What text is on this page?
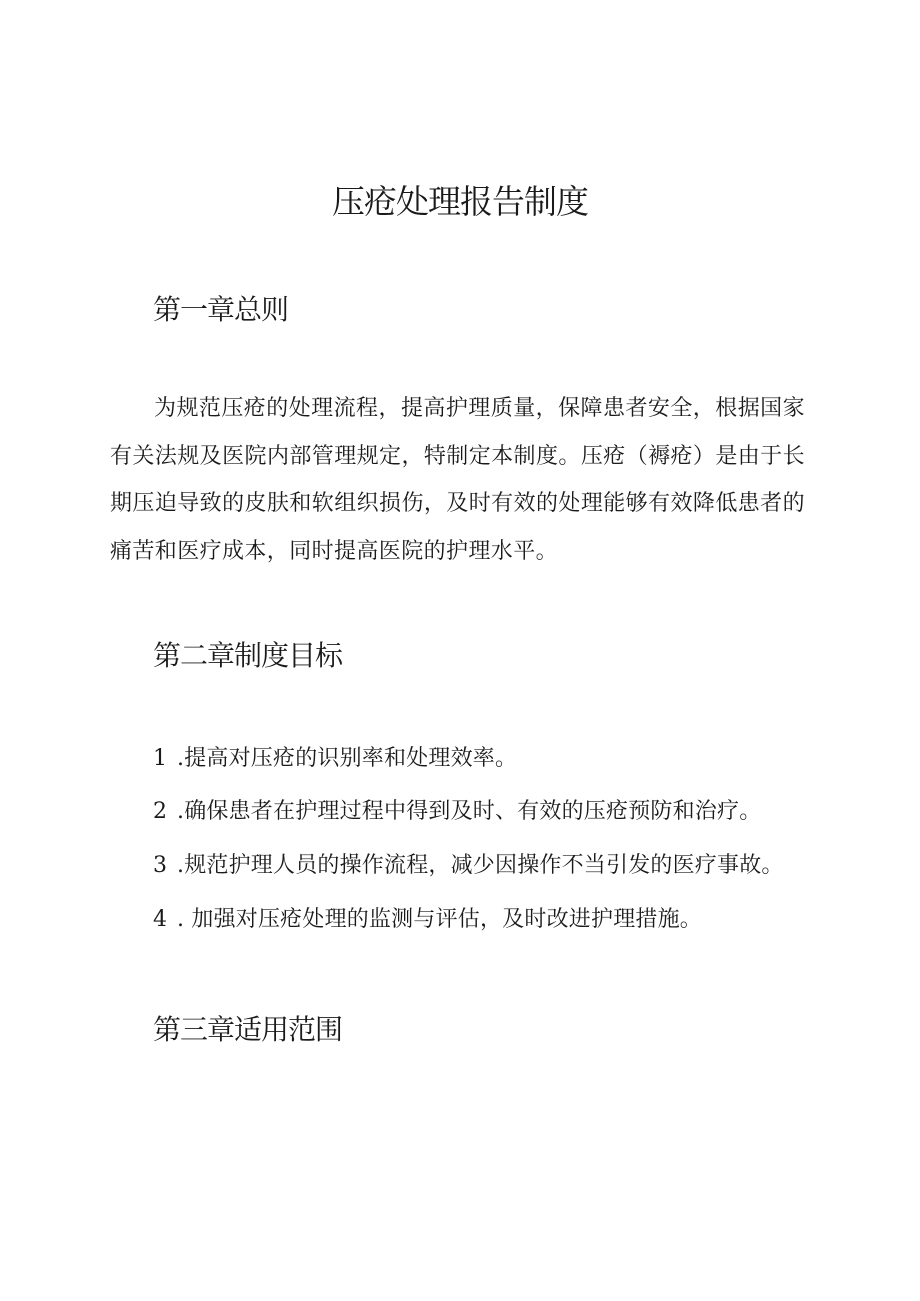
压疮处理报告制度
第一章总则

为规范压疮的处理流程，提高护理质量，保障患者安全，根据国家有关法规及医院内部管理规定，特制定本制度。压疮（褥疮）是由于长期压迫导致的皮肤和软组织损伤，及时有效的处理能够有效降低患者的痛苦和医疗成本，同时提高医院的护理水平。

第二章制度目标
1 .提高对压疮的识别率和处理效率。
2 .确保患者在护理过程中得到及时、有效的压疮预防和治疗。
3 .规范护理人员的操作流程，减少因操作不当引发的医疗事故。
4 . 加强对压疮处理的监测与评估，及时改进护理措施。
第三章适用范围
